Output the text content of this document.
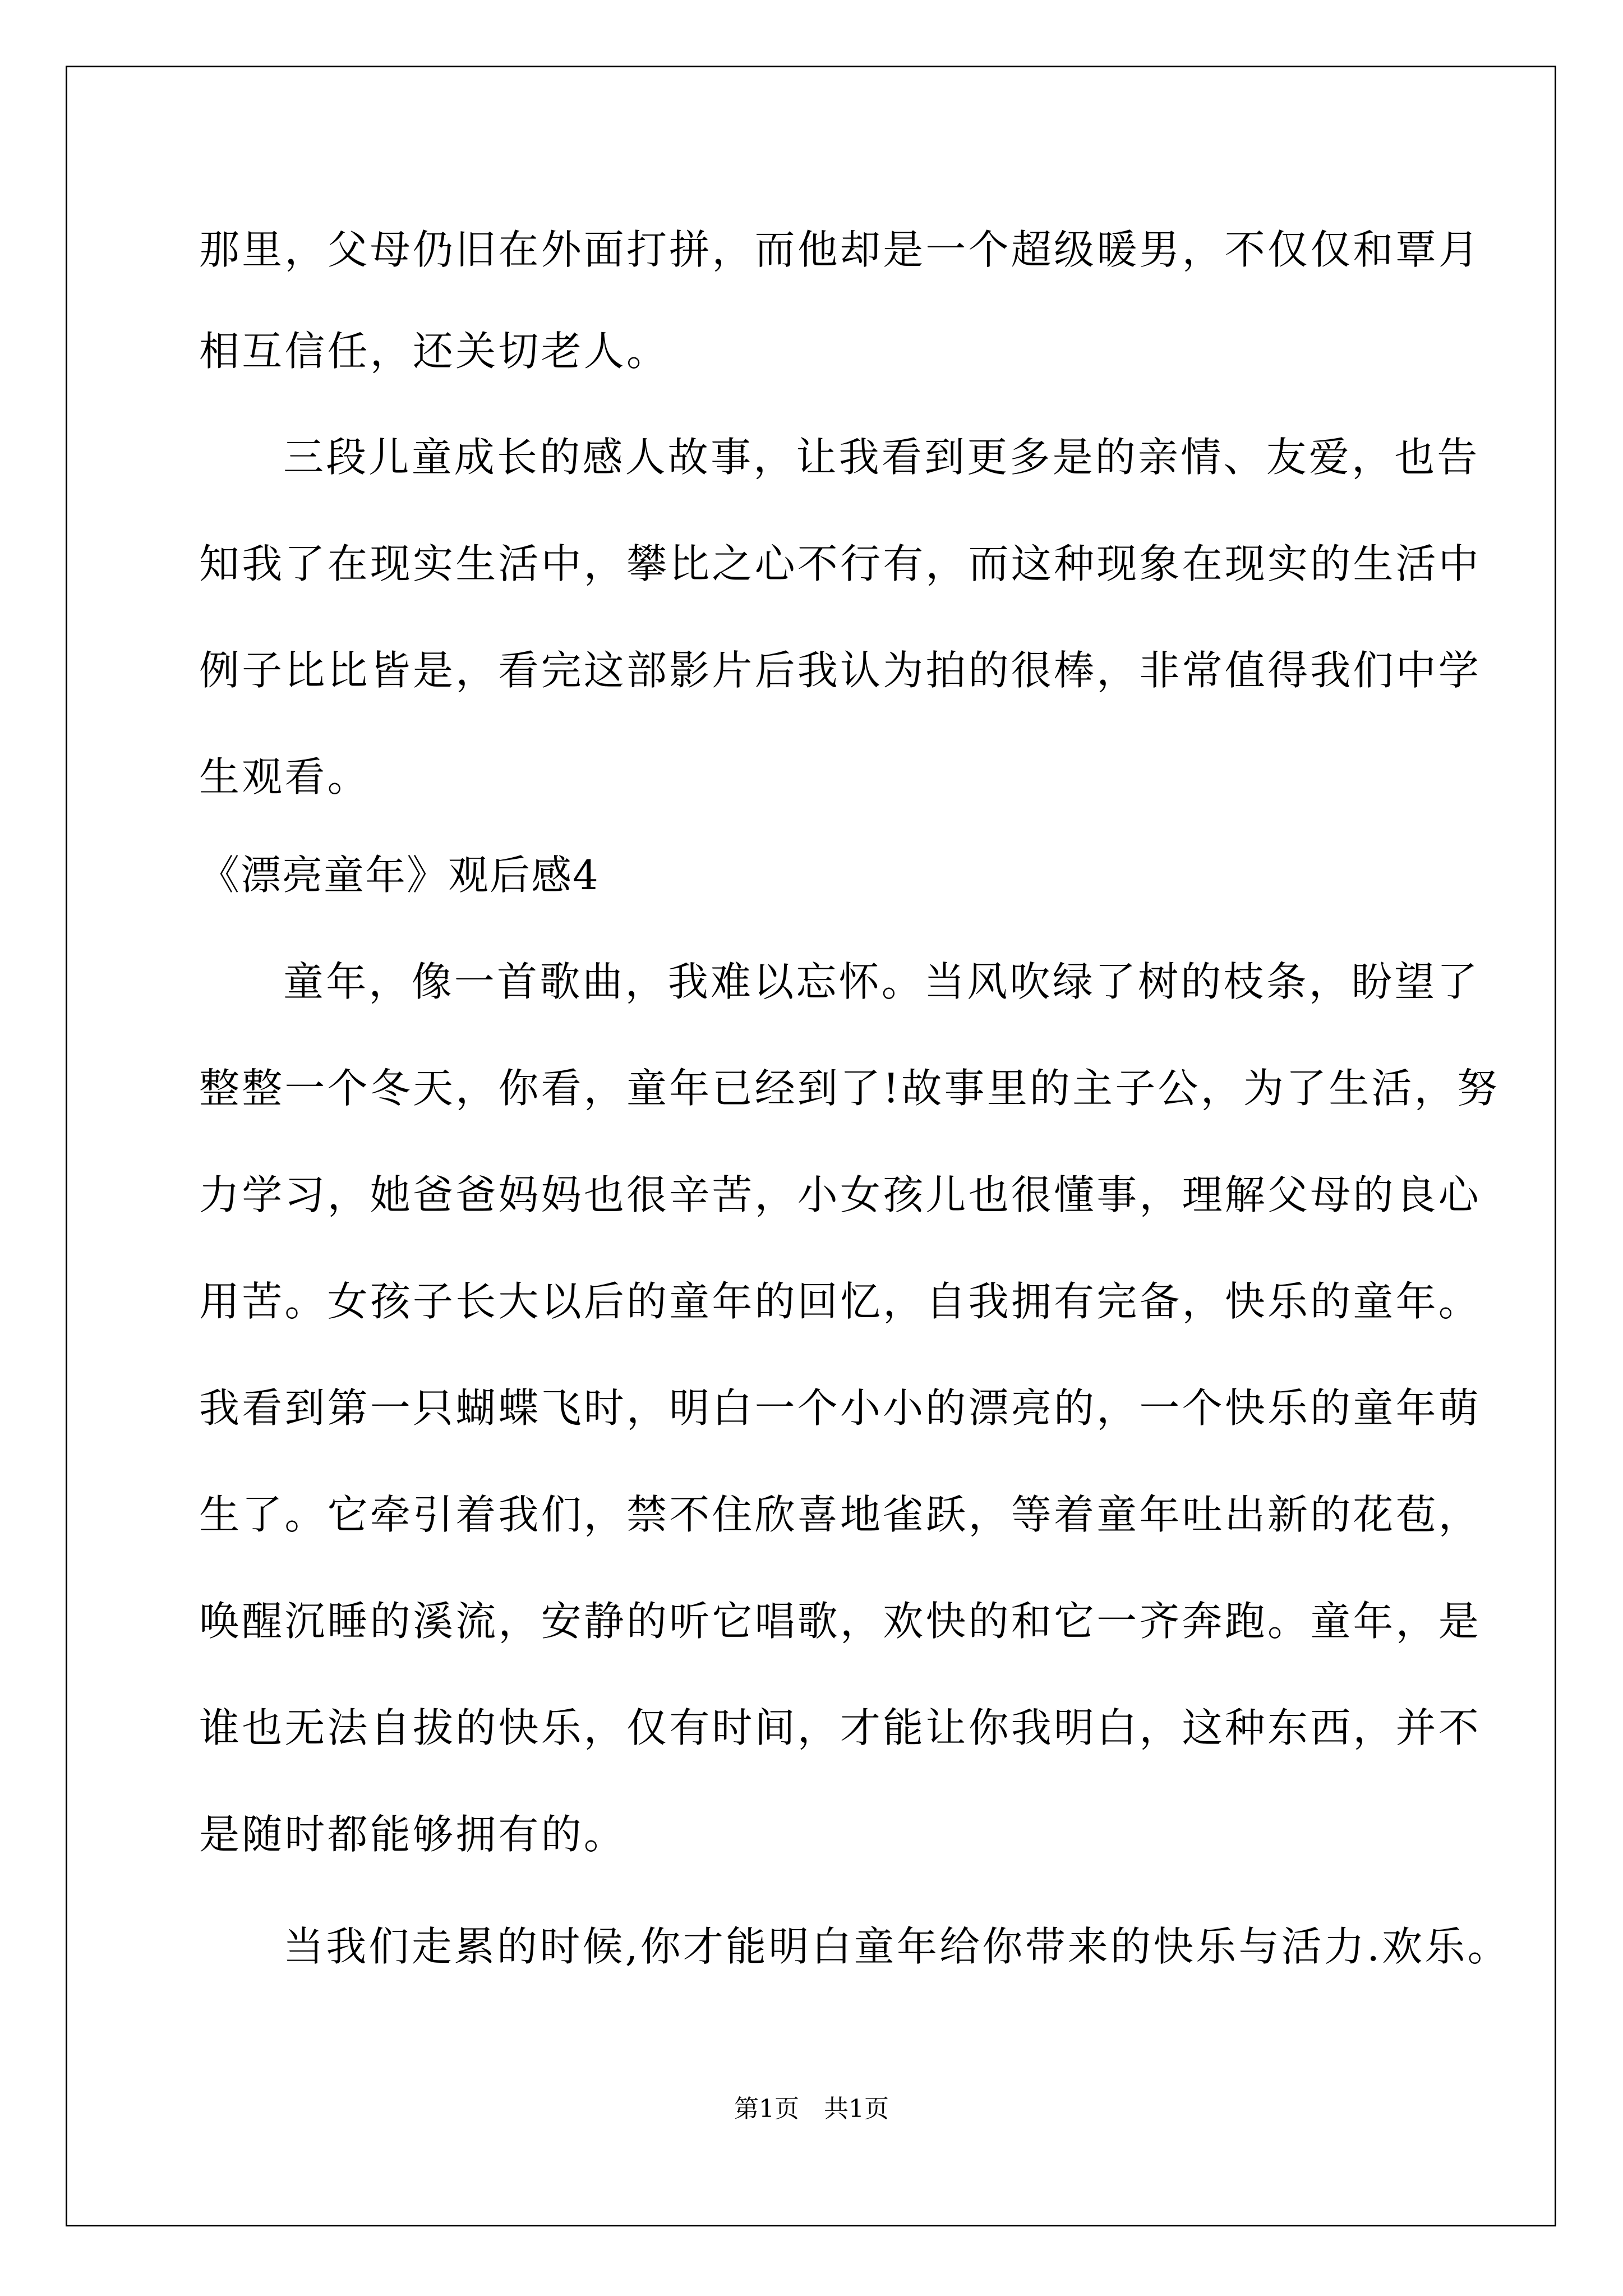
那里，父母仍旧在外面打拼，而他却是一个超级暖男，不仅仅和覃月
相互信任，还关切老人。
三段儿童成长的感人故事，让我看到更多是的亲情、友爱，也告
知我了在现实生活中，攀比之心不行有，而这种现象在现实的生活中
例子比比皆是，看完这部影片后我认为拍的很棒，非常值得我们中学
生观看。
《漂亮童年》观后感4
童年，像一首歌曲，我难以忘怀。当风吹绿了树的枝条，盼望了
整整一个冬天，你看，童年已经到了!故事里的主子公，为了生活，努
力学习，她爸爸妈妈也很辛苦，小女孩儿也很懂事，理解父母的良心
用苦。女孩子长大以后的童年的回忆，自我拥有完备，快乐的童年。
我看到第一只蝴蝶飞时，明白一个小小的漂亮的，一个快乐的童年萌
生了。它牵引着我们，禁不住欣喜地雀跃，等着童年吐出新的花苞，
唤醒沉睡的溪流，安静的听它唱歌，欢快的和它一齐奔跑。童年，是
谁也无法自拔的快乐，仅有时间，才能让你我明白，这种东西，并不
是随时都能够拥有的。
当我们走累的时候,你才能明白童年给你带来的快乐与活力.欢乐。
第1页　共1页
